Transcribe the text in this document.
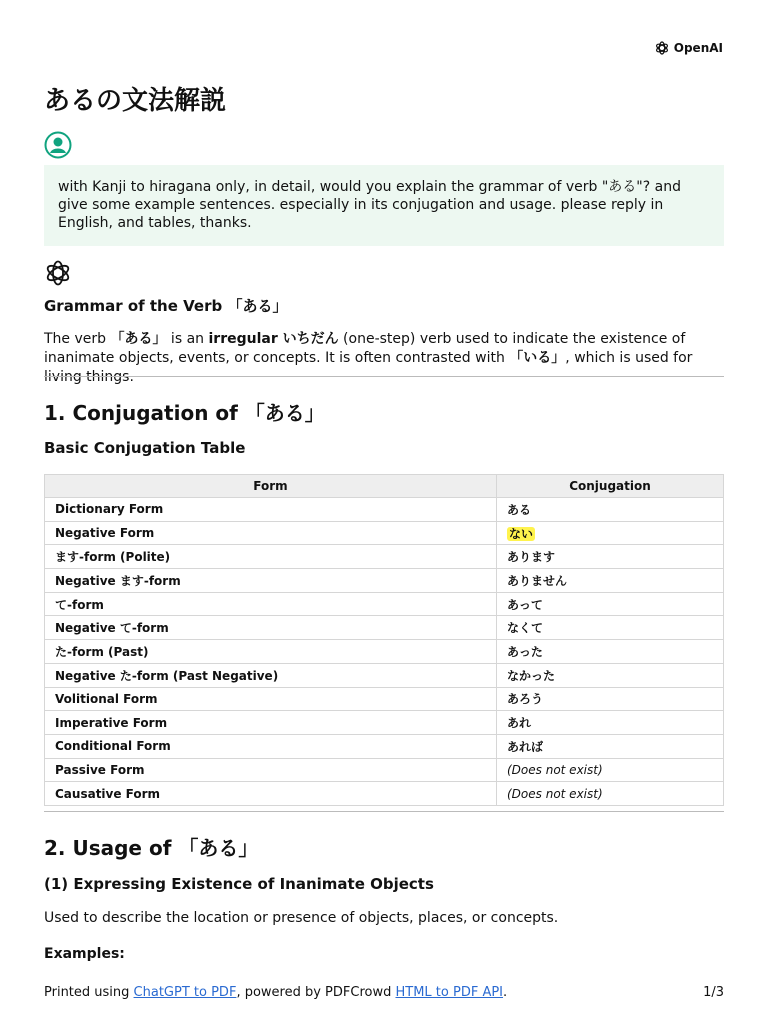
OpenAI
あるの文法解説
with Kanji to hiragana only, in detail, would you explain the grammar of verb "ある"? and give some example sentences. especially in its conjugation and usage. please reply in English, and tables, thanks.

Grammar of the Verb 「ある」

The verb 「ある」 is an irregular いちだん (one-step) verb used to indicate the existence of inanimate objects, events, or concepts. It is often contrasted with 「いる」, which is used for living things.

1. Conjugation of 「ある」

Basic Conjugation Table

Form	Conjugation
Dictionary Form	ある
Negative Form	ない
ます-form (Polite)	あります
Negative ます-form	ありません
て-form	あって
Negative て-form	なくて
た-form (Past)	あった
Negative た-form (Past Negative)	なかった
Volitional Form	あろう
Imperative Form	あれ
Conditional Form	あれば
Passive Form	(Does not exist)
Causative Form	(Does not exist)

2. Usage of 「ある」

(1) Expressing Existence of Inanimate Objects

Used to describe the location or presence of objects, places, or concepts.
Examples:
Printed using ChatGPT to PDF, powered by PDFCrowd HTML to PDF API.	1/3
